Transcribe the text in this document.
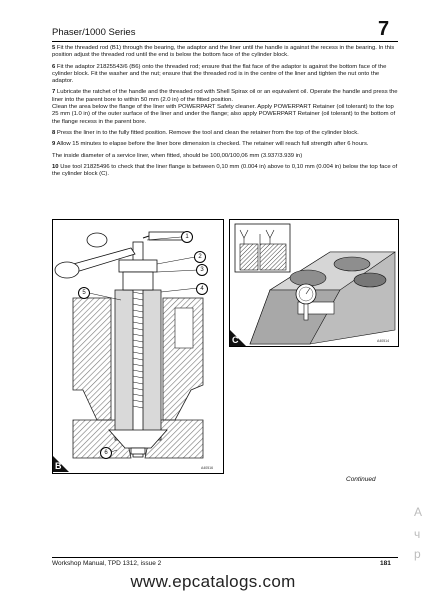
Phaser/1000 Series	7

5 Fit the threaded rod (B1) through the bearing, the adaptor and the liner until the handle is against the recess in the bearing. In this position adjust the threaded rod until the end is below the bottom face of the cylinder block.

6 Fit the adaptor 21825543/6 (B6) onto the threaded rod; ensure that the flat face of the adaptor is against the bottom face of the cylinder block. Fit the washer and the nut; ensure that the threaded rod is in the centre of the liner and tighten the nut onto the adaptor.

7 Lubricate the ratchet of the handle and the threaded rod with Shell Spirax oil or an equivalent oil. Operate the handle and press the liner into the parent bore to within 50 mm (2.0 in) of the fitted position.

Clean the area below the flange of the liner with POWERPART Safety cleaner. Apply POWERPART Retainer (oil tolerant) to the top 25 mm (1.0 in) of the outer surface of the liner and under the flange; also apply POWERPART Retainer (oil tolerant) to the bottom of the flange recess in the parent bore.

8 Press the liner in to the fully fitted position. Remove the tool and clean the retainer from the top of the cylinder block.

9 Allow 15 minutes to elapse before the liner bore dimension is checked. The retainer will reach full strength after 6 hours.

The inside diameter of a service liner, when fitted, should be 100,00/100,06 mm (3.937/3.939 in)

10 Use tool 21825496 to check that the liner flange is between 0,10 mm (0.004 in) above to 0,10 mm (0.004 in) below the top face of the cylinder block (C).

1
2
3
4
5
6
B	A40516
C	A40514
Continued
A
ч
p
Workshop Manual, TPD 1312, issue 2	181
www.epcatalogs.com
